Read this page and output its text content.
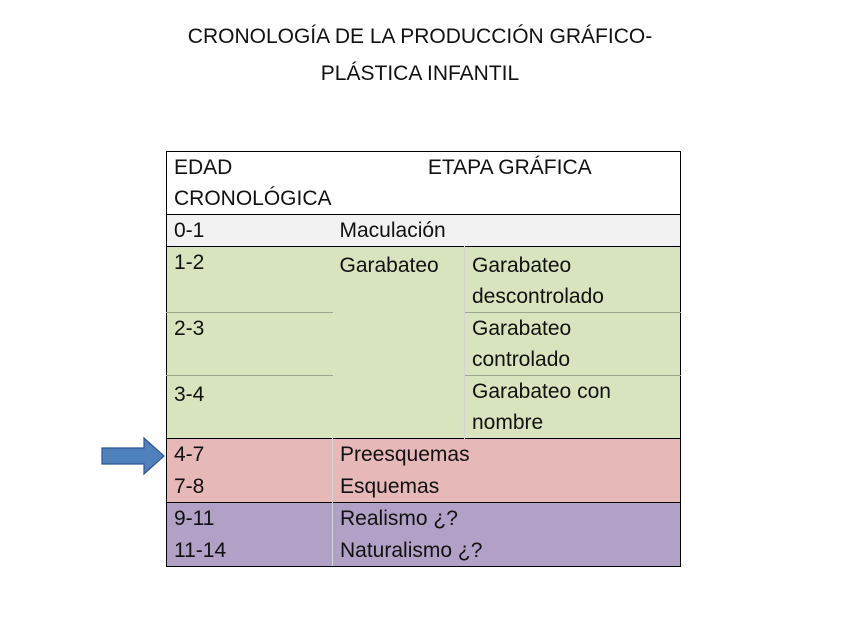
CRONOLOGÍA DE LA PRODUCCIÓN GRÁFICO-
PLÁSTICA INFANTIL
EDAD
CRONOLÓGICA	ETAPA GRÁFICA	
0-1	Maculación	
1-2	Garabateo	Garabateo
descontrolado

2-3		Garabateo
controlado

3-4		Garabateo con
nombre

4-7	Preesquemas	
7-8	Esquemas	
9-11	Realismo ¿?	
11-14	Naturalismo ¿?	
